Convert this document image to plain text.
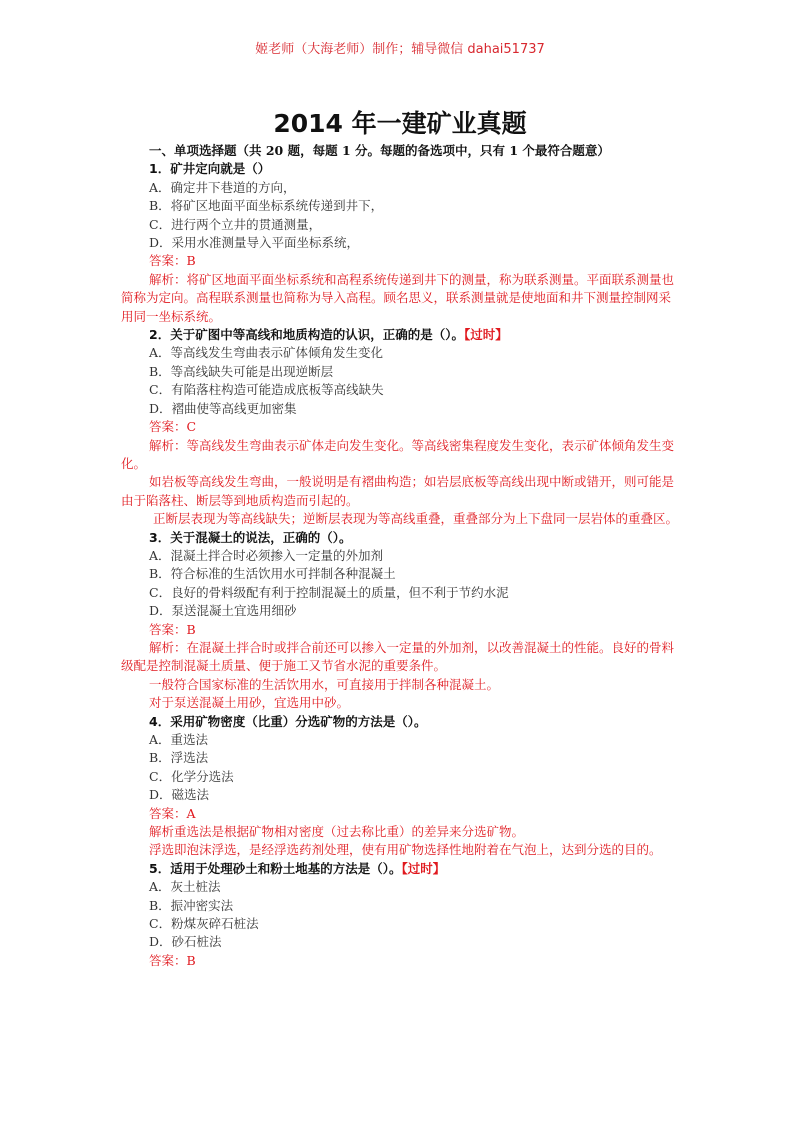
姬老师（大海老师）制作；辅导微信 dahai51737
2014 年一建矿业真题
一、单项选择题（共 20 题，每题 1 分。每题的备选项中，只有 1 个最符合题意）
1．矿井定向就是（）
A．确定井下巷道的方向，
B．将矿区地面平面坐标系统传递到井下，
C．进行两个立井的贯通测量，
D．采用水准测量导入平面坐标系统，
答案：B
解析：将矿区地面平面坐标系统和高程系统传递到井下的测量，称为联系测量。平面联系测量也简称为定向。高程联系测量也简称为导入高程。顾名思义，联系测量就是使地面和井下测量控制网采用同一坐标系统。
2．关于矿图中等高线和地质构造的认识，正确的是（）。【过时】
A．等高线发生弯曲表示矿体倾角发生变化
B．等高线缺失可能是出现逆断层
C．有陷落柱构造可能造成底板等高线缺失
D．褶曲使等高线更加密集
答案：C
解析：等高线发生弯曲表示矿体走向发生变化。等高线密集程度发生变化，表示矿体倾角发生变化。
如岩板等高线发生弯曲，一般说明是有褶曲构造；如岩层底板等高线出现中断或错开，则可能是由于陷落柱、断层等到地质构造而引起的。
正断层表现为等高线缺失；逆断层表现为等高线重叠，重叠部分为上下盘同一层岩体的重叠区。
3．关于混凝土的说法，正确的（）。
A．混凝土拌合时必须掺入一定量的外加剂
B．符合标准的生活饮用水可拌制各种混凝土
C．良好的骨料级配有利于控制混凝土的质量，但不利于节约水泥
D．泵送混凝土宜选用细砂
答案：B
解析：在混凝土拌合时或拌合前还可以掺入一定量的外加剂，以改善混凝土的性能。良好的骨料级配是控制混凝土质量、便于施工又节省水泥的重要条件。
一般符合国家标准的生活饮用水，可直接用于拌制各种混凝土。
对于泵送混凝土用砂，宜选用中砂。
4．采用矿物密度（比重）分选矿物的方法是（）。
A．重选法
B．浮选法
C．化学分选法
D．磁选法
答案：A
解析重选法是根据矿物相对密度（过去称比重）的差异来分选矿物。
浮选即泡沫浮选，是经浮选药剂处理，使有用矿物选择性地附着在气泡上，达到分选的目的。
5．适用于处理砂土和粉土地基的方法是（）。【过时】
A．灰土桩法
B．振冲密实法
C．粉煤灰碎石桩法
D．砂石桩法
答案：B
